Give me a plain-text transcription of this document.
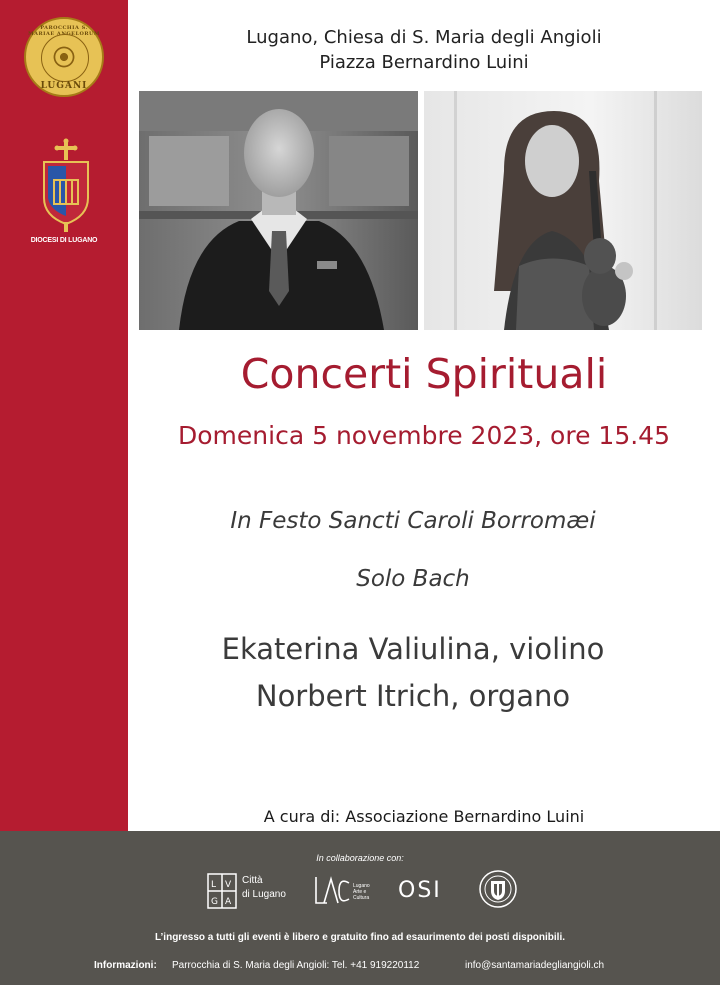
PAROCCHIA S. MARIAE ANGELORUM
LUGANI
DIOCESI DI LUGANO
Lugano, Chiesa di S. Maria degli Angioli
Piazza Bernardino Luini
Concerti Spirituali
Domenica 5 novembre 2023, ore 15.45
In Festo Sancti Caroli Borromæi
Solo Bach
Ekaterina Valiulina, violino
Norbert Itrich, organo
A cura di: Associazione Bernardino Luini
In collaborazione con:
L V
G A
Città
di Lugano
Lugano
Arte e
Cultura OSI
L’ingresso a tutti gli eventi è libero e gratuito fino ad esaurimento dei posti disponibili.
Informazioni: Parrocchia di S. Maria degli Angioli: Tel. +41 919220112	info@santamariadegliangioli.ch
